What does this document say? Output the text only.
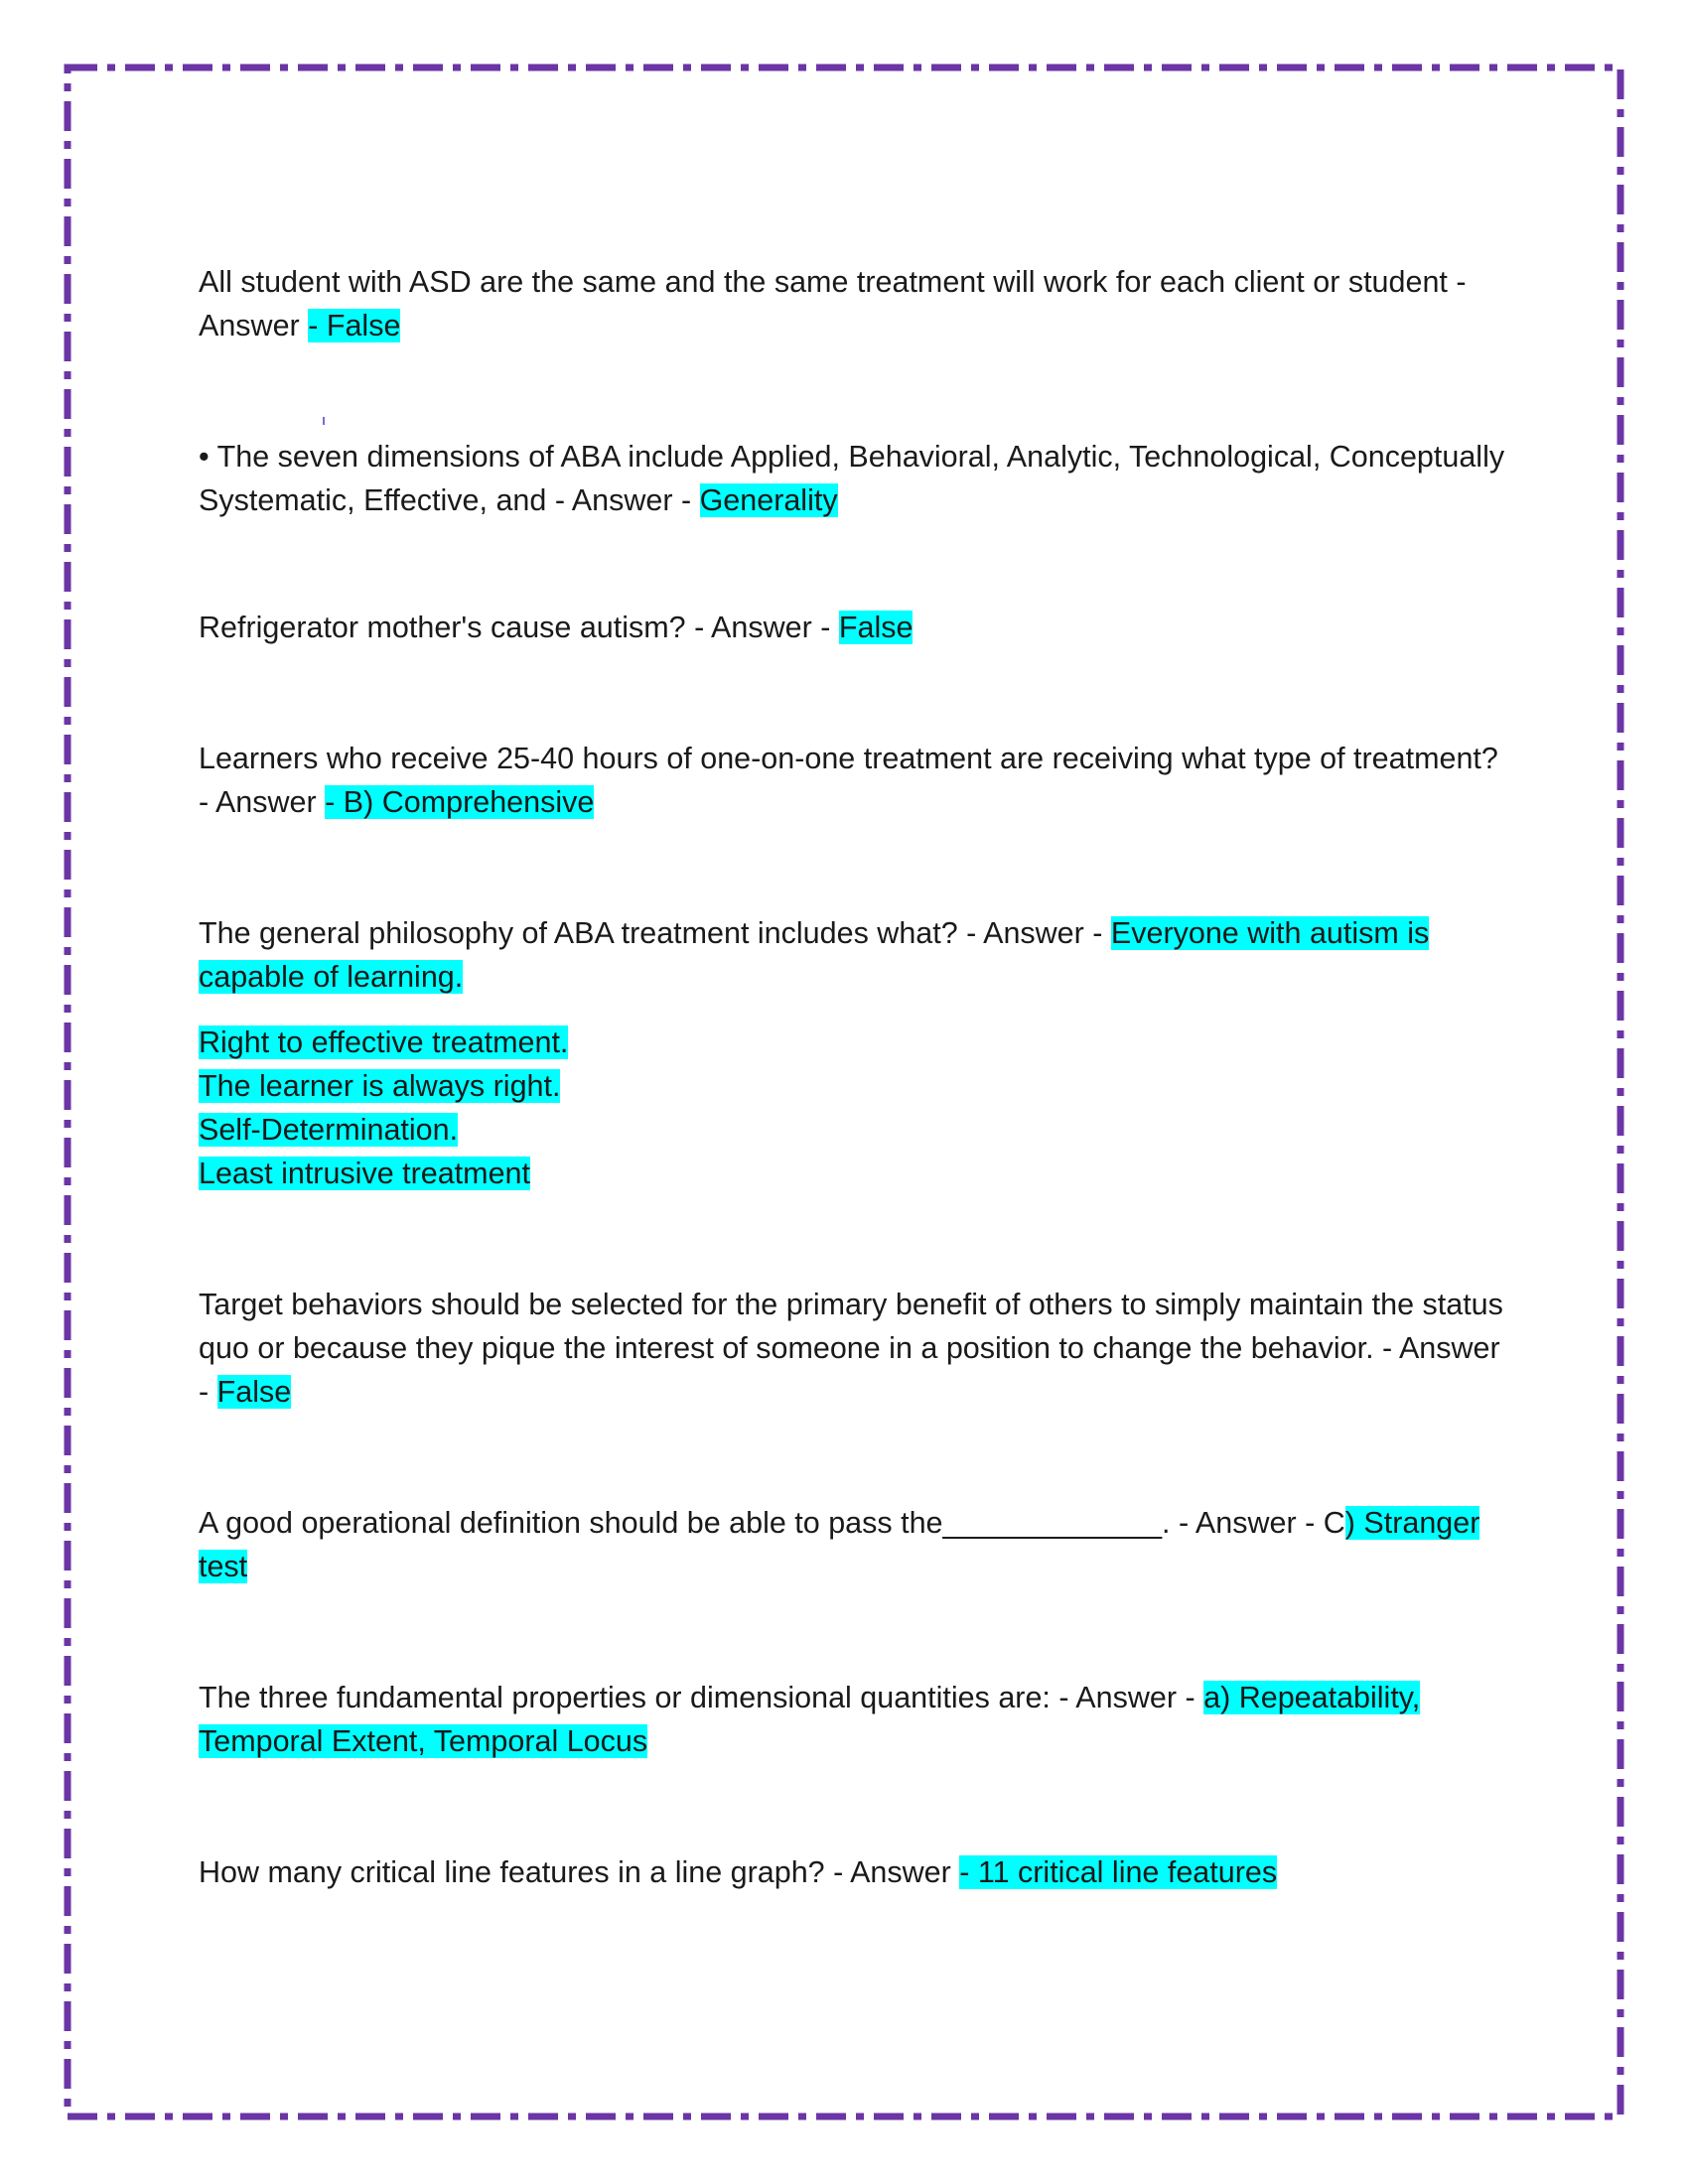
All student with ASD are the same and the same treatment will work for each client or student - Answer - False

• The seven dimensions of ABA include Applied, Behavioral, Analytic, Technological, Conceptually Systematic, Effective, and - Answer - Generality

Refrigerator mother's cause autism? - Answer - False

Learners who receive 25-40 hours of one-on-one treatment are receiving what type of treatment? - Answer - B) Comprehensive

The general philosophy of ABA treatment includes what? - Answer - Everyone with autism is capable of learning.

Right to effective treatment.

The learner is always right.

Self-Determination.

Least intrusive treatment

Target behaviors should be selected for the primary benefit of others to simply maintain the status quo or because they pique the interest of someone in a position to change the behavior. - Answer - False

A good operational definition should be able to pass the_____________. - Answer - C) Stranger test

The three fundamental properties or dimensional quantities are: - Answer - a) Repeatability, Temporal Extent, Temporal Locus

How many critical line features in a line graph? - Answer - 11 critical line features
